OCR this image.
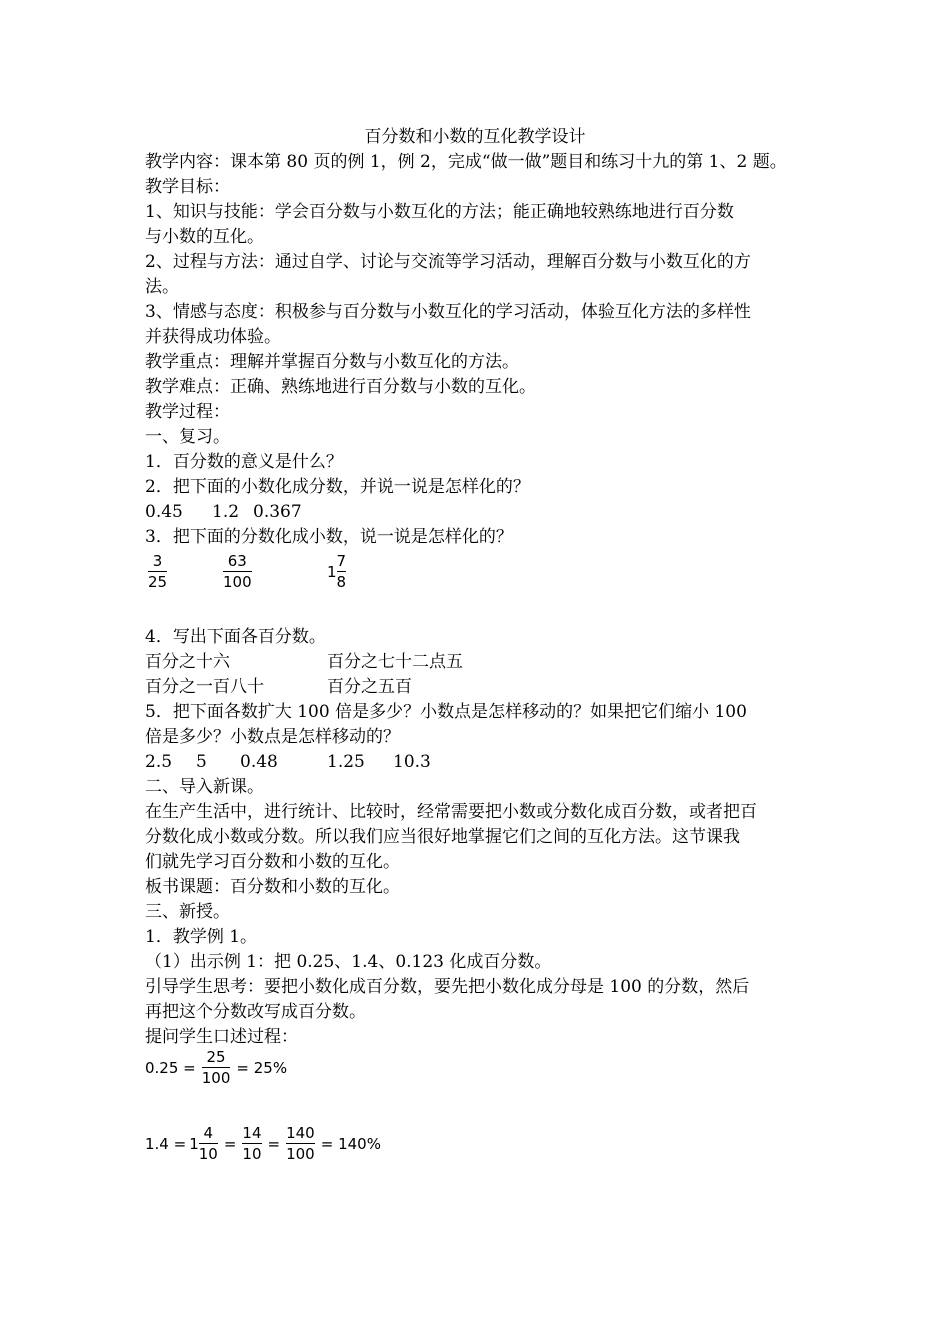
百分数和小数的互化教学设计
教学内容：课本第 80 页的例 1，例 2，完成“做一做”题目和练习十九的第 1、2 题。
教学目标：
1、知识与技能：学会百分数与小数互化的方法；能正确地较熟练地进行百分数
与小数的互化。
2、过程与方法：通过自学、讨论与交流等学习活动，理解百分数与小数互化的方
法。
3、情感与态度：积极参与百分数与小数互化的学习活动，体验互化方法的多样性
并获得成功体验。
教学重点：理解并掌握百分数与小数互化的方法。
教学难点：正确、熟练地进行百分数与小数的互化。
教学过程：
一、复习。
1．百分数的意义是什么？
2．把下面的小数化成分数，并说一说是怎样化的？
0.45 1.2 0.367
3．把下面的分数化成小数，说一说是怎样化的？
3
25
63
100
$1 \frac{7}{8}$
4．写出下面各百分数。
百分之十六	百分之七十二点五
百分之一百八十	百分之五百
5．把下面各数扩大 100 倍是多少？小数点是怎样移动的？如果把它们缩小 100
倍是多少？小数点是怎样移动的？
2.5 5 0.48	1.25 10.3
二、导入新课。
在生产生活中，进行统计、比较时，经常需要把小数或分数化成百分数，或者把百
分数化成小数或分数。所以我们应当很好地掌握它们之间的互化方法。这节课我
们就先学习百分数和小数的互化。
板书课题：百分数和小数的互化。
三、新授。
1．教学例 1。
（1）出示例 1：把 0.25、1.4、0.123 化成百分数。
引导学生思考：要把小数化成百分数，要先把小数化成分母是 100 的分数，然后
再把这个分数改写成百分数。
提问学生口述过程：
$0.25 = \frac{25}{100} = 25\%$
$1.4 = 1 \frac{4}{10} = \frac{14}{10} = \frac{140}{100} = 140\%$
